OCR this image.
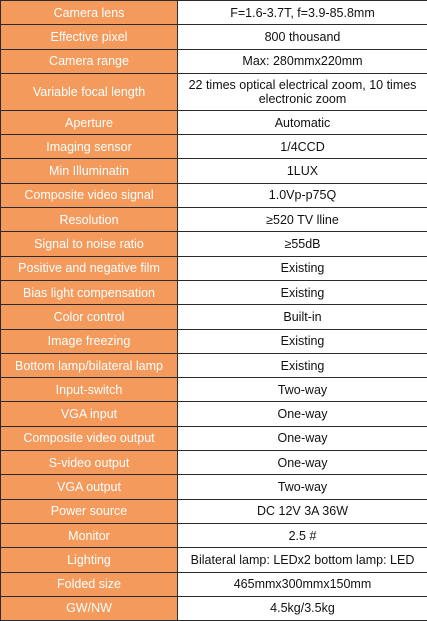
Camera lens	F=1.6-3.7T, f=3.9-85.8mm
Effective pixel	800 thousand
Camera range	Max: 280mmx220mm
Variable focal length	22 times optical electrical zoom, 10 times electronic zoom
Aperture	Automatic
Imaging sensor	1/4CCD
Min Illuminatin	1LUX
Composite video signal	1.0Vp-p75Q
Resolution	≥520 TV lline
Signal to noise ratio	≥55dB
Positive and negative film	Existing
Bias light compensation	Existing
Color control	Built-in
Image freezing	Existing
Bottom lamp/bilateral lamp	Existing
Input-switch	Two-way
VGA input	One-way
Composite video output	One-way
S-video output	One-way
VGA output	Two-way
Power source	DC 12V 3A 36W
Monitor	2.5 #
Lighting	Bilateral lamp: LEDx2 bottom lamp: LED
Folded size	465mmx300mmx150mm
GW/NW	4.5kg/3.5kg
